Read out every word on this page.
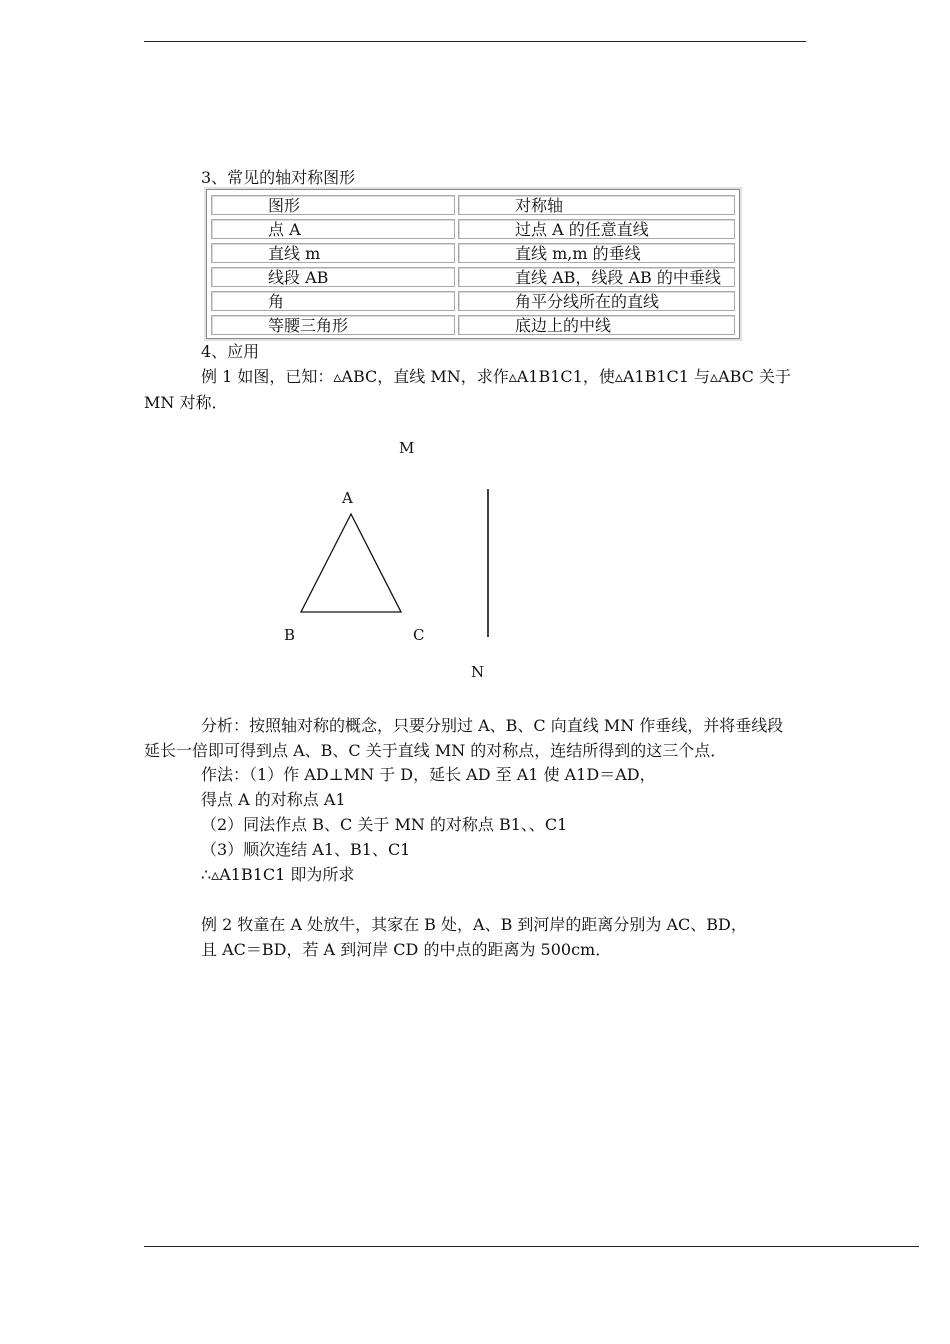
3、常见的轴对称图形
图形	对称轴
点 A	过点 A 的任意直线
直线 m	直线 m,m 的垂线
线段 AB	直线 AB，线段 AB 的中垂线
角	角平分线所在的直线
等腰三角形	底边上的中线
4、应用
例 1 如图，已知：▵ABC，直线 MN，求作▵A1B1C1，使▵A1B1C1 与▵ABC 关于
MN 对称．
M
A
B	C
N
分析：按照轴对称的概念，只要分别过 A、B、C 向直线 MN 作垂线，并将垂线段
延长一倍即可得到点 A、B、C 关于直线 MN 的对称点，连结所得到的这三个点．
作法：（1）作 AD⊥MN 于 D，延长 AD 至 A1 使 A1D＝AD，
得点 A 的对称点 A1
（2）同法作点 B、C 关于 MN 的对称点 B1、、C1
（3）顺次连结 A1、B1、C1
∴▵A1B1C1 即为所求
例 2 牧童在 A 处放牛，其家在 B 处，A、B 到河岸的距离分别为 AC、BD，
且 AC＝BD，若 A 到河岸 CD 的中点的距离为 500cm．
